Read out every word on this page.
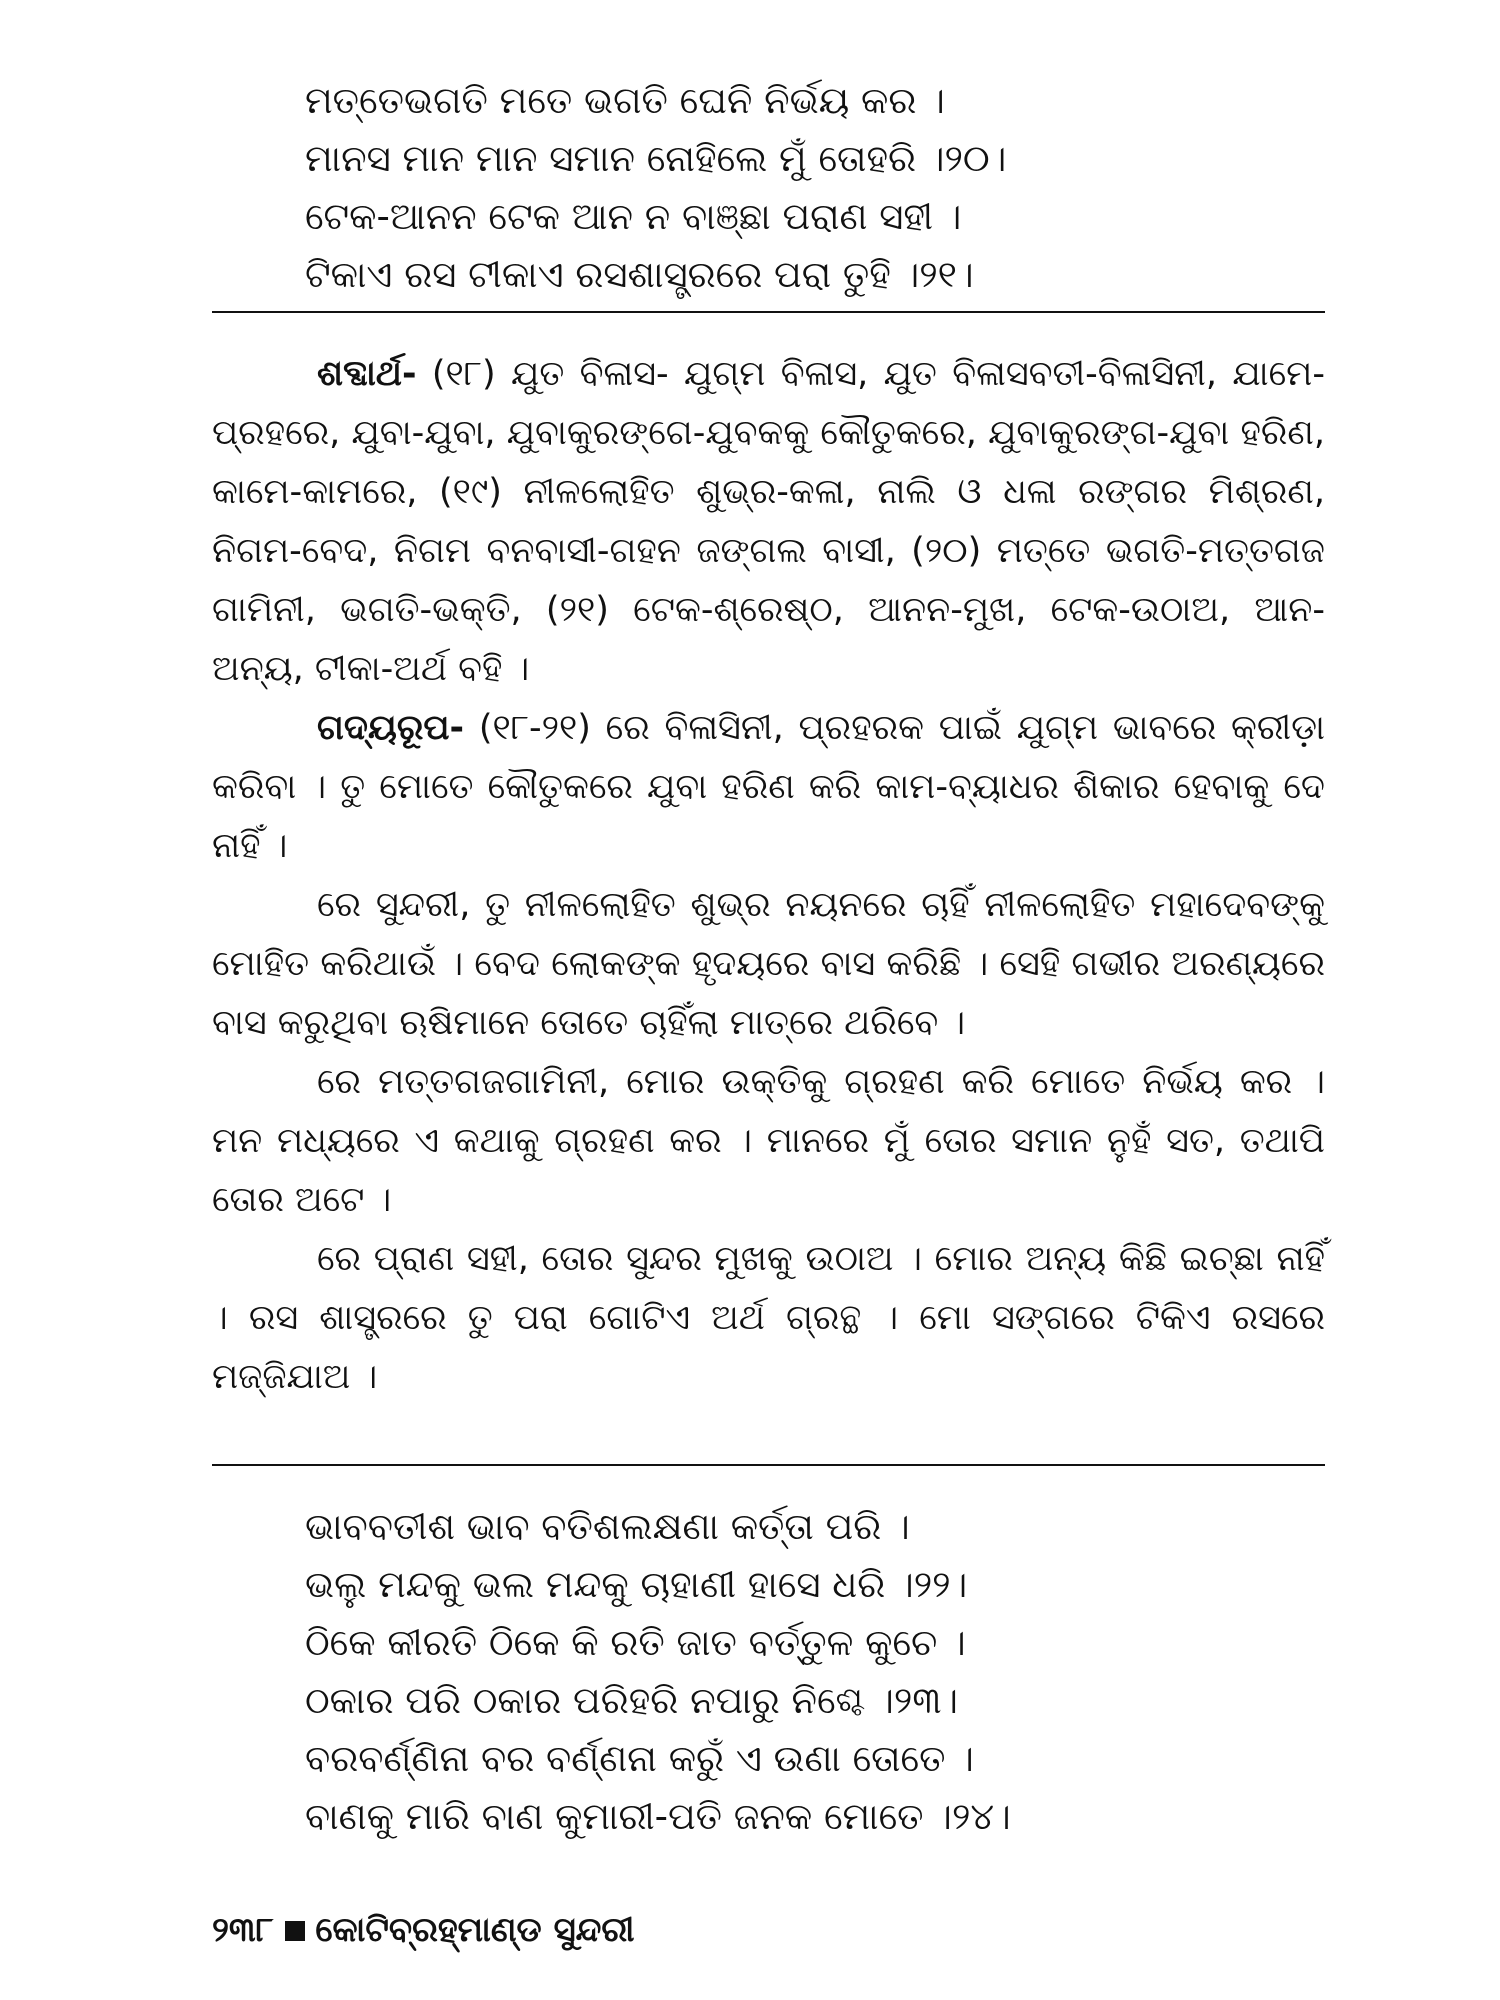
ମତ୍ତେଭଗତି ମତେ ଭଗତି ଘେନି ନିର୍ଭୟ କର ।
ମାନସ ମାନ ମାନ ସମାନ ନୋହିଲେ ମୁଁ ତୋହରି ।୨୦।
ଟେକ-ଆନନ ଟେକ ଆନ ନ ବାଞ୍ଛା ପରାଣ ସହୀ ।
ଟିକାଏ ରସ ଟୀକାଏ ରସଶାସ୍ତ୍ରରେ ପରା ତୁହି ।୨୧।

ଶବ୍ଦାର୍ଥ- (୧୮) ଯୁତ ବିଳାସ- ଯୁଗ୍ମ ବିଳାସ, ଯୁତ ବିଳାସବତୀ-ବିଳାସିନୀ, ଯାମେ-ପ୍ରହରେ, ଯୁବା-ଯୁବା, ଯୁବାକୁରଙ୍ଗେ-ଯୁବକକୁ କୌତୁକରେ, ଯୁବାକୁରଙ୍ଗ-ଯୁବା ହରିଣ, କାମେ-କାମରେ, (୧୯) ନୀଳଲୋହିତ ଶୁଭ୍ର-କଳା, ନାଲି ଓ ଧଳା ରଙ୍ଗର ମିଶ୍ରଣ, ନିଗମ-ବେଦ, ନିଗମ ବନବାସୀ-ଗହନ ଜଙ୍ଗଲ ବାସୀ, (୨୦) ମତ୍ତେ ଭଗତି-ମତ୍ତଗଜ ଗାମିନୀ, ଭଗତି-ଭକ୍ତି, (୨୧) ଟେକ-ଶ୍ରେଷ୍ଠ, ଆନନ-ମୁଖ, ଟେକ-ଉଠାଅ, ଆନ-ଅନ୍ୟ, ଟୀକା-ଅର୍ଥ ବହି ।

ଗଦ୍ୟରୂପ- (୧୮-୨୧) ରେ ବିଳାସିନୀ, ପ୍ରହରକ ପାଇଁ ଯୁଗ୍ମ ଭାବରେ କ୍ରୀଡ଼ା କରିବା । ତୁ ମୋତେ କୌତୁକରେ ଯୁବା ହରିଣ କରି କାମ-ବ୍ୟାଧର ଶିକାର ହେବାକୁ ଦେ ନାହିଁ ।

ରେ ସୁନ୍ଦରୀ, ତୁ ନୀଳଲୋହିତ ଶୁଭ୍ର ନୟନରେ ଚାହିଁ ନୀଳଲୋହିତ ମହାଦେବଙ୍କୁ ମୋହିତ କରିଥାଉଁ । ବେଦ ଲୋକଙ୍କ ହୃଦୟରେ ବାସ କରିଛି । ସେହି ଗଭୀର ଅରଣ୍ୟରେ ବାସ କରୁଥିବା ଋଷିମାନେ ତୋତେ ଚାହିଁଲା ମାତ୍ରେ ଥରିବେ ।

ରେ ମତ୍ତଗଜଗାମିନୀ, ମୋର ଉକ୍ତିକୁ ଗ୍ରହଣ କରି ମୋତେ ନିର୍ଭୟ କର । ମନ ମଧ୍ୟରେ ଏ କଥାକୁ ଗ୍ରହଣ କର । ମାନରେ ମୁଁ ତୋର ସମାନ ନୁହଁ ସତ, ତଥାପି ତୋର ଅଟେ ।

ରେ ପ୍ରାଣ ସହୀ, ତୋର ସୁନ୍ଦର ମୁଖକୁ ଉଠାଅ । ମୋର ଅନ୍ୟ କିଛି ଇଚ୍ଛା ନାହିଁ । ରସ ଶାସ୍ତ୍ରରେ ତୁ ପରା ଗୋଟିଏ ଅର୍ଥ ଗ୍ରନ୍ଥ । ମୋ ସଙ୍ଗରେ ଟିକିଏ ରସରେ ମଜ୍ଜିଯାଅ ।

ଭାବବତୀଶ ଭାବ ବତିଶଲକ୍ଷଣା କର୍ତ୍ତା ପରି ।
ଭଲୁ ମନ୍ଦକୁ ଭଲ ମନ୍ଦକୁ ଚାହାଣୀ ହାସେ ଧରି ।୨୨।
ଠିକେ କୀରତି ଠିକେ କି ରତି ଜାତ ବର୍ତ୍ତୁଳ କୁଚେ ।
ଠକାର ପରି ଠକାର ପରିହରି ନପାରୁ ନିଶ୍ଚେ ।୨୩।
ବରବର୍ଣ୍ଣିନା ବର ବର୍ଣ୍ଣନା କରୁଁ ଏ ଉଣା ତୋତେ ।
ବାଣକୁ ମାରି ବାଣ କୁମାରୀ-ପତି ଜନକ ମୋତେ ।୨୪।
୨୩୮ କୋଟିବ୍ରହ୍ମାଣ୍ଡ ସୁନ୍ଦରୀ
